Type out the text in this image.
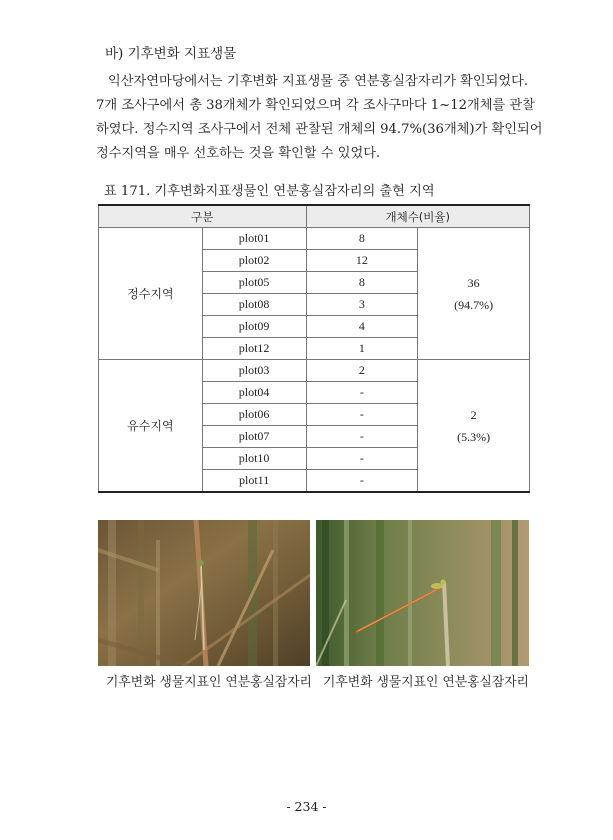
바) 기후변화 지표생물

익산자연마당에서는 기후변화 지표생물 중 연분홍실잠자리가 확인되었다.
7개 조사구에서 총 38개체가 확인되었으며 각 조사구마다 1~12개체를 관찰
하였다. 정수지역 조사구에서 전체 관찰된 개체의 94.7%(36개체)가 확인되어
정수지역을 매우 선호하는 것을 확인할 수 있었다.

표 171. 기후변화지표생물인 연분홍실잠자리의 출현 지역
구분		개체수(비율)	
정수지역	plot01	8	36
(94.7%)

	plot02	12	
	plot05	8	
	plot08	3	
	plot09	4	
	plot12	1	
유수지역	plot03	2	2
(5.3%)

	plot04	-	
	plot06	-	
	plot07	-	
	plot10	-	
	plot11	-	
기후변화 생물지표인 연분홍실잠자리 기후변화 생물지표인 연분홍실잠자리
- 234 -
